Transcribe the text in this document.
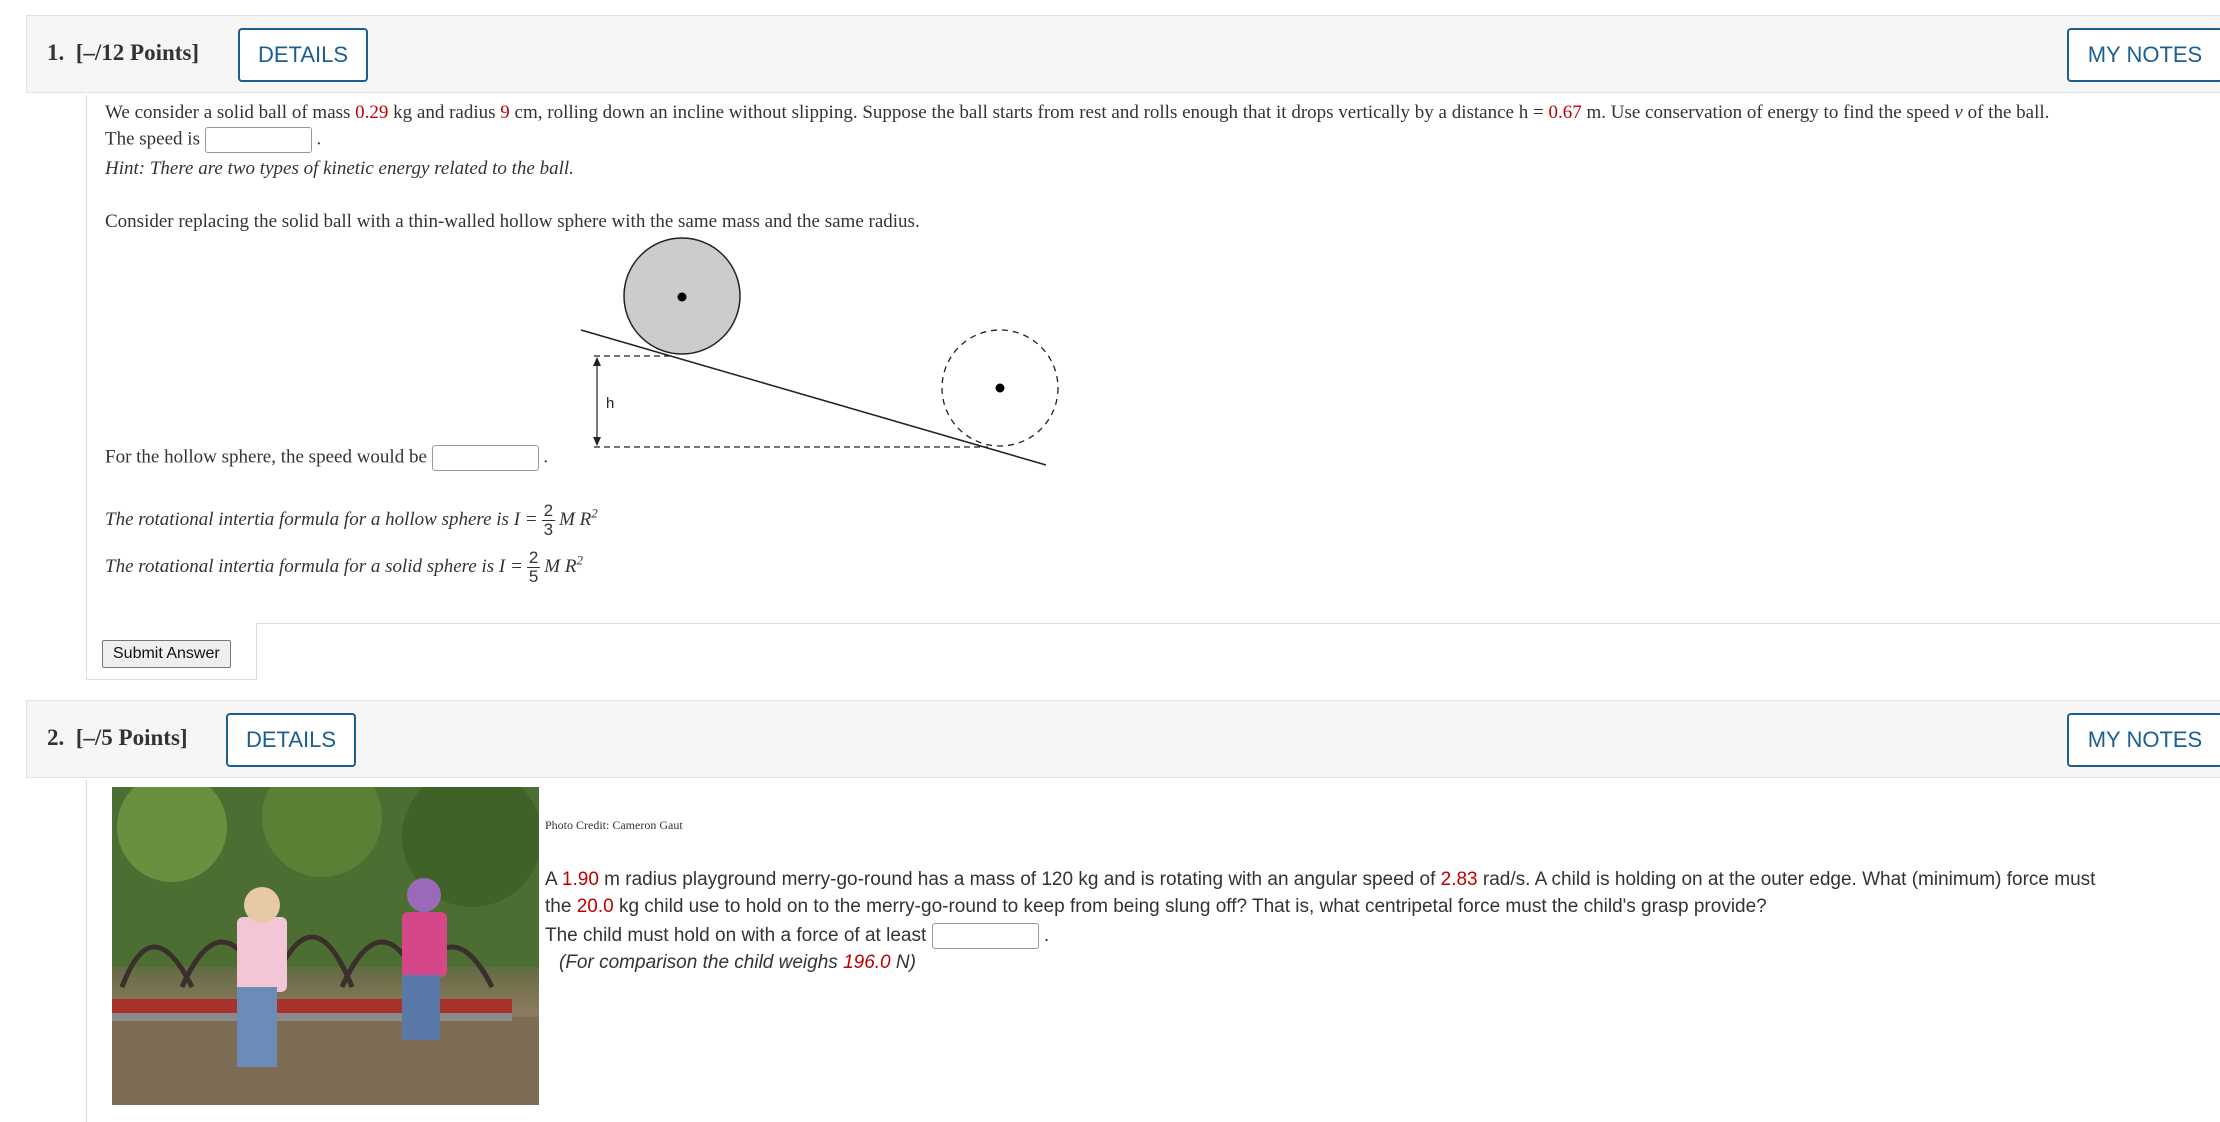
1. [–/12 Points]	DETAILS	MY NOTES
We consider a solid ball of mass 0.29 kg and radius 9 cm, rolling down an incline without slipping. Suppose the ball starts from rest and rolls enough that it drops vertically by a distance h = 0.67 m. Use conservation of energy to find the speed v of the ball.
The speed is	.
Hint: There are two types of kinetic energy related to the ball.
Consider replacing the solid ball with a thin-walled hollow sphere with the same mass and the same radius.
h
For the hollow sphere, the speed would be	.
The rotational intertia formula for a hollow sphere is $I = \frac{2}{3}$ M $R^2$
The rotational intertia formula for a solid sphere is $I = \frac{2}{5}$ M $R^2$
Submit Answer
2. [–/5 Points]	DETAILS	MY NOTES
Photo Credit: Cameron Gaut
A 1.90 m radius playground merry-go-round has a mass of 120 kg and is rotating with an angular speed of 2.83 rad/s. A child is holding on at the outer edge. What (minimum) force must
the 20.0 kg child use to hold on to the merry-go-round to keep from being slung off? That is, what centripetal force must the child's grasp provide?
The child must hold on with a force of at least	.
(For comparison the child weighs 196.0 N)
